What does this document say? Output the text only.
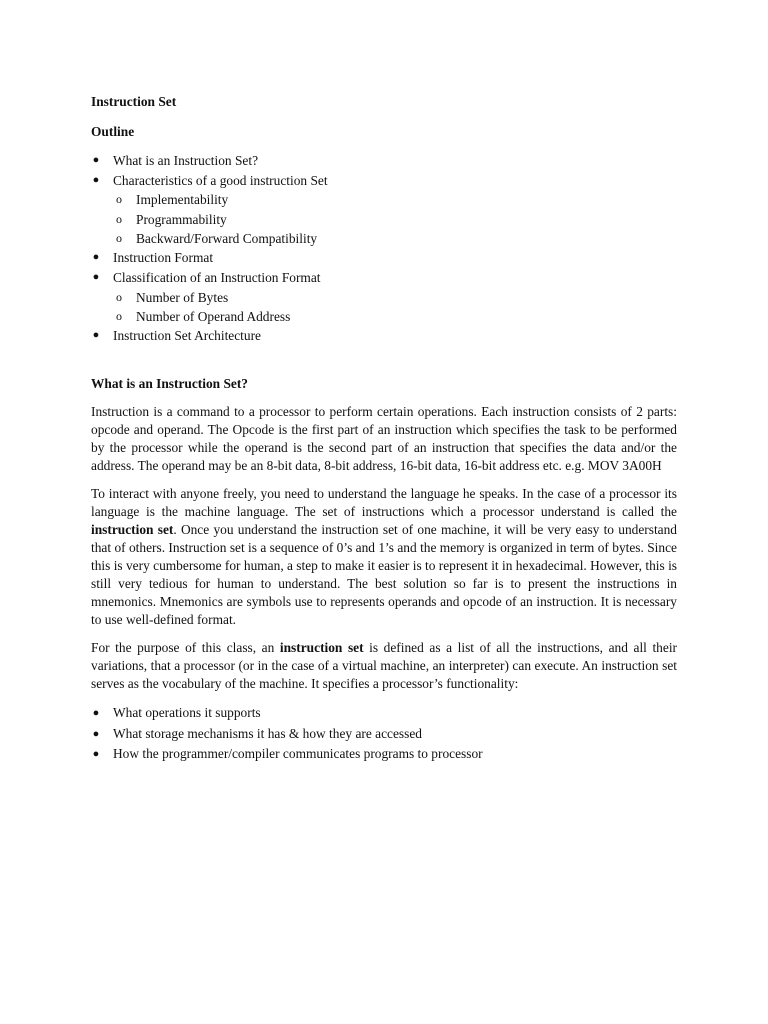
Instruction Set
Outline
● What is an Instruction Set?
● Characteristics of a good instruction Set
o Implementability
o Programmability
o Backward/Forward Compatibility
● Instruction Format
● Classification of an Instruction Format
o Number of Bytes
o Number of Operand Address
● Instruction Set Architecture
What is an Instruction Set?

Instruction is a command to a processor to perform certain operations. Each instruction consists of 2 parts: opcode and operand. The Opcode is the first part of an instruction which specifies the task to be performed by the processor while the operand is the second part of an instruction that specifies the data and/or the address. The operand may be an 8-bit data, 8-bit address, 16-bit data, 16-bit address etc. e.g. MOV 3A00H

To interact with anyone freely, you need to understand the language he speaks. In the case of a processor its language is the machine language. The set of instructions which a processor understand is called the instruction set. Once you understand the instruction set of one machine, it will be very easy to understand that of others. Instruction set is a sequence of 0’s and 1’s and the memory is organized in term of bytes. Since this is very cumbersome for human, a step to make it easier is to represent it in hexadecimal. However, this is still very tedious for human to understand. The best solution so far is to present the instructions in mnemonics. Mnemonics are symbols use to represents operands and opcode of an instruction. It is necessary to use well-defined format.

For the purpose of this class, an instruction set is defined as a list of all the instructions, and all their variations, that a processor (or in the case of a virtual machine, an interpreter) can execute. An instruction set serves as the vocabulary of the machine. It specifies a processor’s functionality:

● What operations it supports
● What storage mechanisms it has & how they are accessed
● How the programmer/compiler communicates programs to processor
